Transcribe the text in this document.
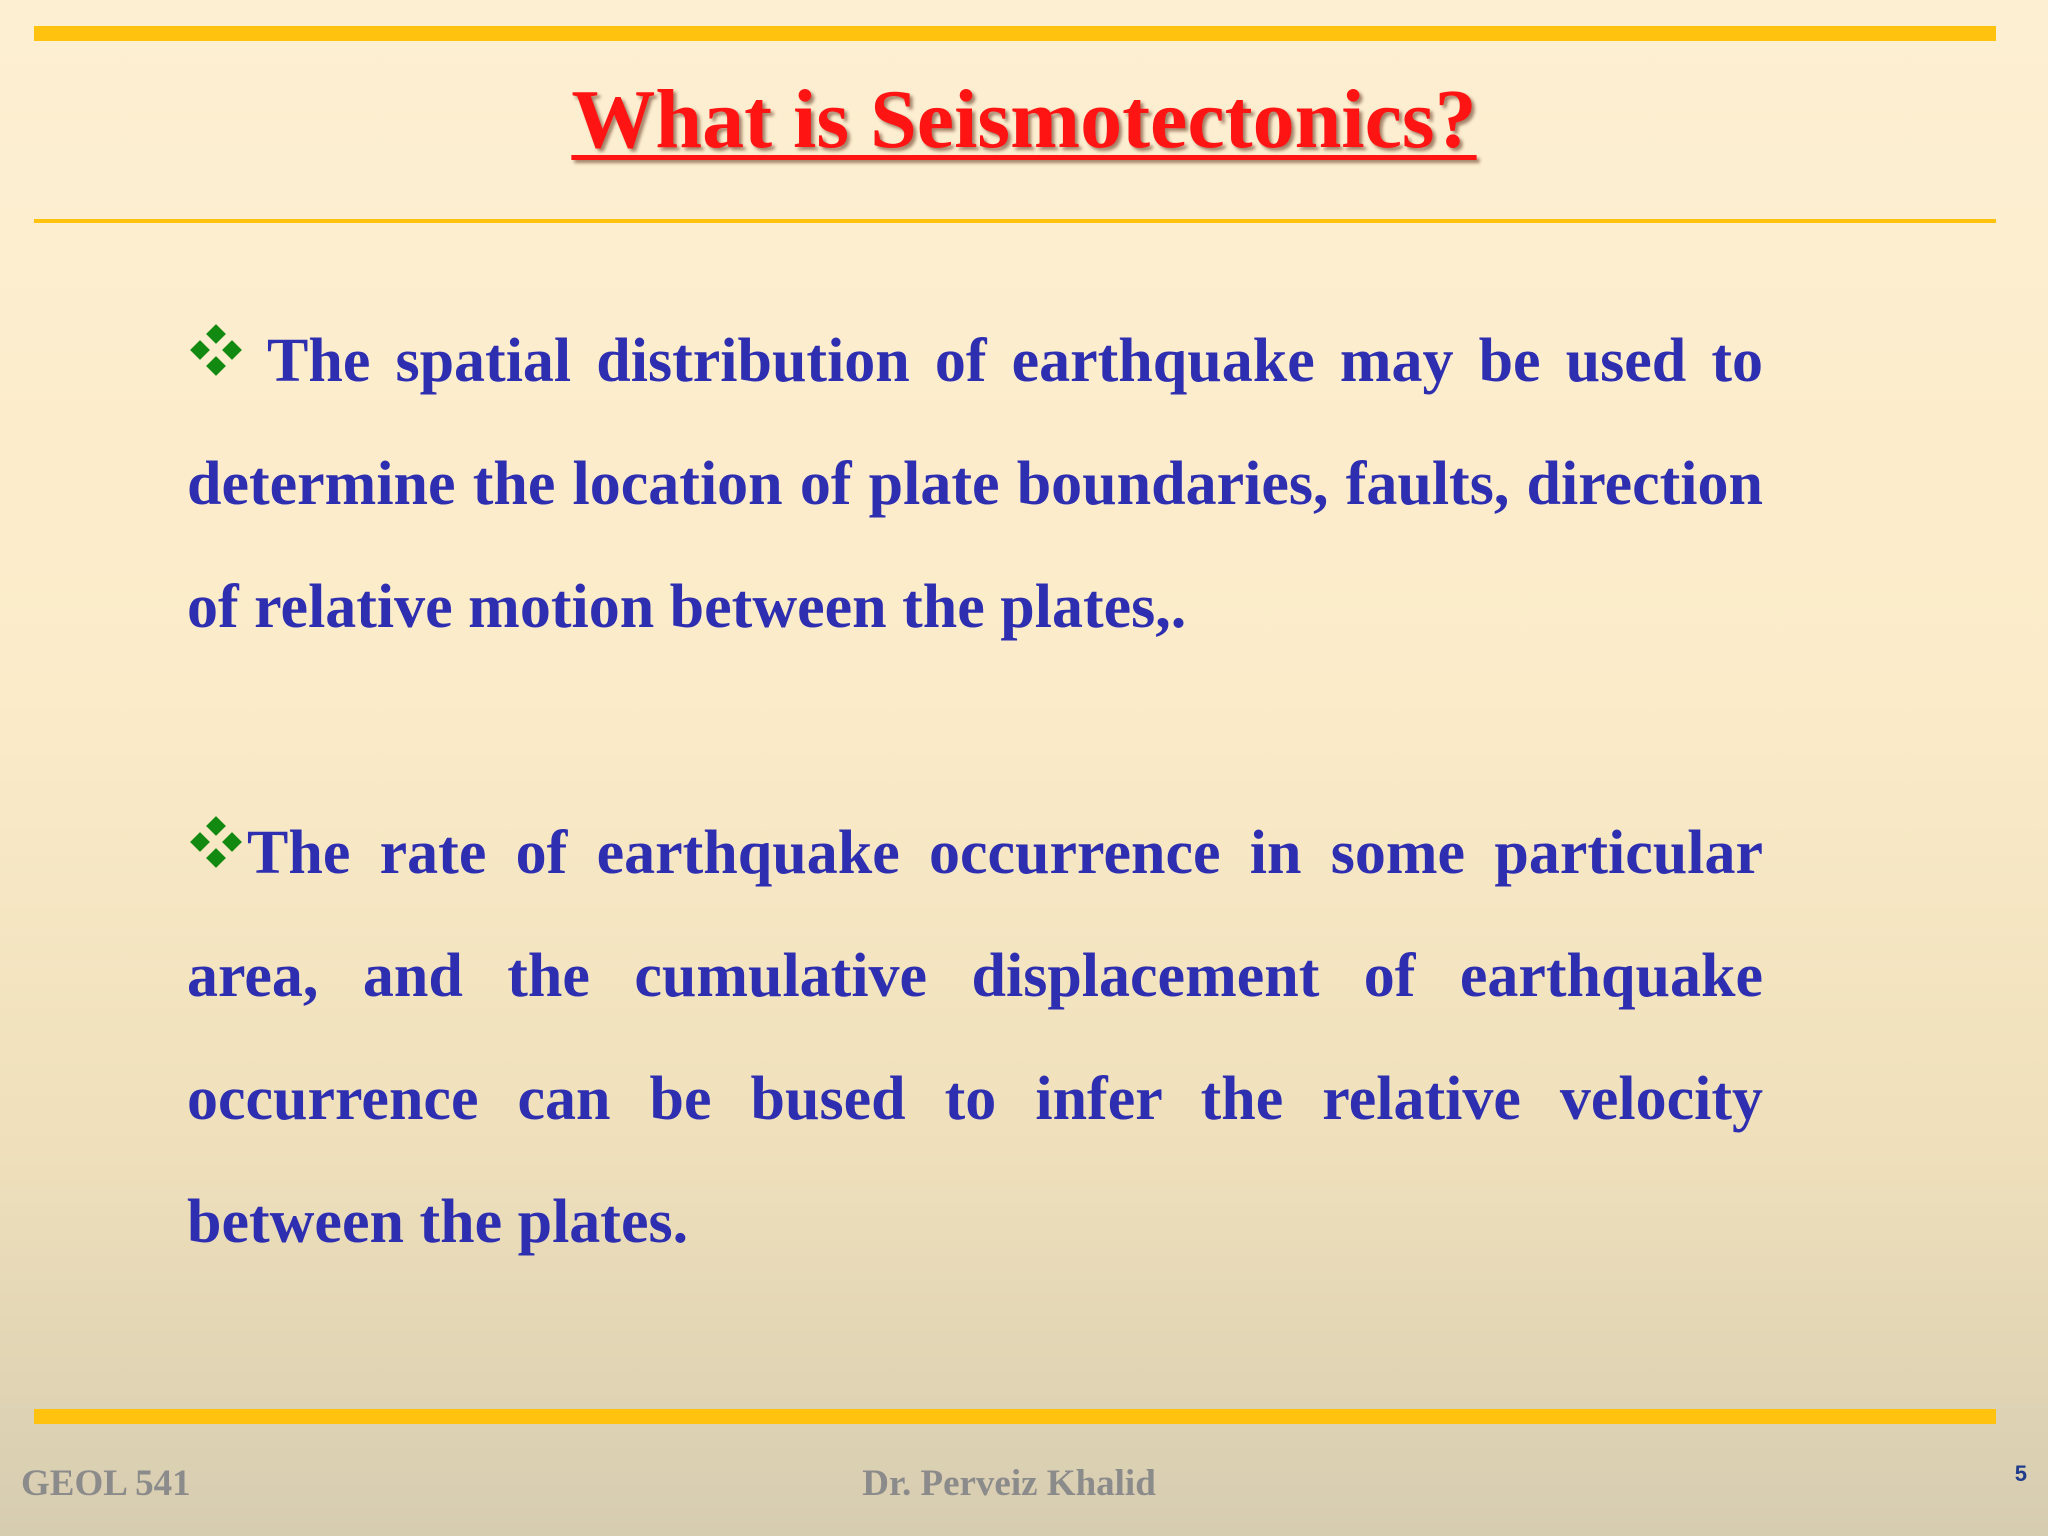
What is Seismotectonics?

The spatial distribution of earthquake may be used to determine the location of plate boundaries, faults, direction of relative motion between the plates,.

The rate of earthquake occurrence in some particular area, and the cumulative displacement of earthquake occurrence can be bused to infer the relative velocity between the plates.

GEOL 541	Dr. Perveiz Khalid	5
